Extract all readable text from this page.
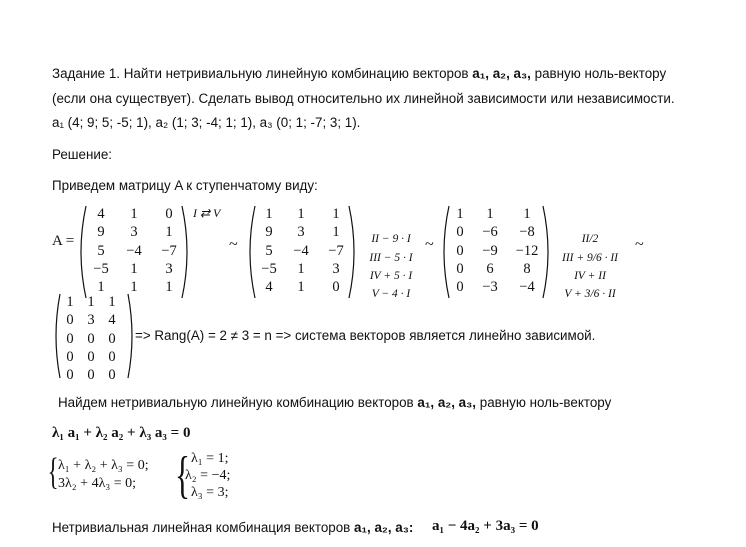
Задание 1. Найти нетривиальную линейную комбинацию векторов a₁, a₂, a₃, равную ноль-вектору
(если она существует). Сделать вывод относительно их линейной зависимости или независимости.
a₁ (4; 9; 5; -5; 1), a₂ (1; 3; -4; 1; 1), a₃ (0; 1; -7; 3; 1).
Решение:
Приведем матрицу A к ступенчатому виду:
A =
4	1	0
9	3	1
5	−4	−7
−5	1	3
1	1	1
I ⇄ V
~
1	1	1
9	3	1
5	−4	−7
−5	1	3
4	1	0
II − 9 · I
III − 5 · I
IV + 5 · I
V − 4 · I
~
1	1	1
0	−6	−8
0	−9	−12
0	6	8
0	−3	−4
II/2
III + 9/6 · II
IV + II
V + 3/6 · II
~
1	1	1
0	3	4
0	0	0
0	0	0
0	0	0
=> Rang(A) = 2 ≠ 3 = n => система векторов является линейно зависимой.
Найдем нетривиальную линейную комбинацию векторов a₁, a₂, a₃, равную ноль-вектору
λ₁ a₁ + λ₂ a₂ + λ₃ a₃ = 0
{ λ₁ + λ₂ + λ₃ = 0;
3λ₂ + 4λ₃ = 0; { λ₁ = 1;
λ₂ = −4;
λ₃ = 3;
Нетривиальная линейная комбинация векторов a₁, a₂, a₃: a₁ − 4a₂ + 3a₃ = 0
